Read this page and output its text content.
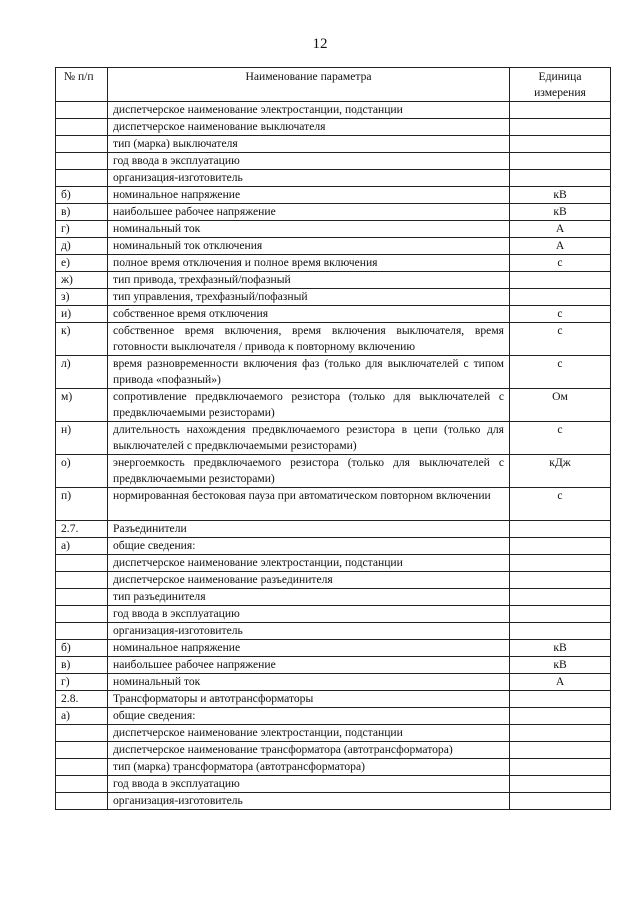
12
№ п/п	Наименование параметра	Единица измерения
	диспетчерское наименование электростанции, подстанции	
	диспетчерское наименование выключателя	
	тип (марка) выключателя	
	год ввода в эксплуатацию	
	организация-изготовитель	
б)	номинальное напряжение	кВ
в)	наибольшее рабочее напряжение	кВ
г)	номинальный ток	А
д)	номинальный ток отключения	А
е)	полное время отключения и полное время включения	с
ж)	тип привода, трехфазный/пофазный	
з)	тип управления, трехфазный/пофазный	
и)	собственное время отключения	с
к)	собственное время включения, время включения выключателя, время готовности выключателя / привода к повторному включению	с
л)	время разновременности включения фаз (только для выключателей с типом привода «пофазный»)	с
м)	сопротивление предвключаемого резистора (только для выключателей с предвключаемыми резисторами)	Ом
н)	длительность нахождения предвключаемого резистора в цепи (только для выключателей с предвключаемыми резисторами)	с
о)	энергоемкость предвключаемого резистора (только для выключателей с предвключаемыми резисторами)	кДж
п)	нормированная бестоковая пауза при автоматическом повторном включении	с
2.7.	Разъединители	
а)	общие сведения:	
	диспетчерское наименование электростанции, подстанции	
	диспетчерское наименование разъединителя	
	тип разъединителя	
	год ввода в эксплуатацию	
	организация-изготовитель	
б)	номинальное напряжение	кВ
в)	наибольшее рабочее напряжение	кВ
г)	номинальный ток	А
2.8.	Трансформаторы и автотрансформаторы	
а)	общие сведения:	
	диспетчерское наименование электростанции, подстанции	
	диспетчерское наименование трансформатора (автотрансформатора)	
	тип (марка) трансформатора (автотрансформатора)	
	год ввода в эксплуатацию	
	организация-изготовитель	
